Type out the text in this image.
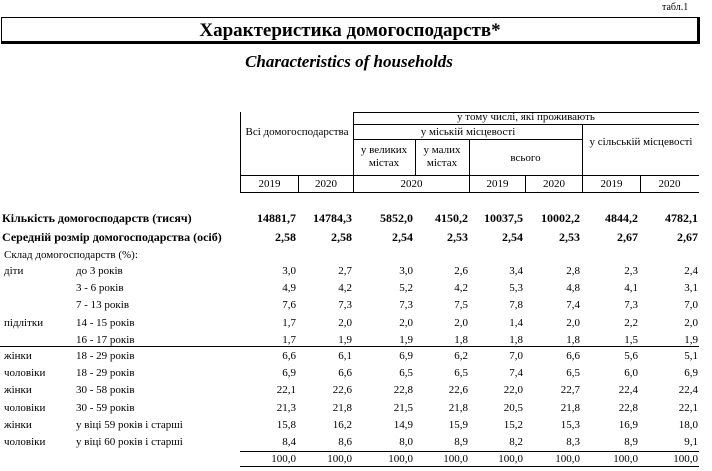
табл.1
Характеристика домогосподарств*
Characteristics of households
Всі домогосподарства
у тому числі, які проживають
у міській місцевості
у великих містах
у малих містах	всього
у сільській місцевості
2019	2020	2020	2019	2020	2019	2020
Кількість домогосподарств (тисяч)	14881,7	14784,3	5852,0	4150,2	10037,5	10002,2	4844,2	4782,1
Середній розмір домогосподарства (осіб)	2,58	2,58	2,54	2,53	2,54	2,53	2,67	2,67
Склад домогосподарств (%):
діти	до 3 років	3,0	2,7	3,0	2,6	3,4	2,8	2,3	2,4
3 - 6 років	4,9	4,2	5,2	4,2	5,3	4,8	4,1	3,1
7 - 13 років	7,6	7,3	7,3	7,5	7,8	7,4	7,3	7,0
підлітки	14 - 15 років	1,7	2,0	2,0	2,0	1,4	2,0	2,2	2,0
16 - 17 років	1,7	1,9	1,9	1,8	1,8	1,8	1,5	1,9
жінки	18 - 29 років	6,6	6,1	6,9	6,2	7,0	6,6	5,6	5,1
чоловіки	18 - 29 років	6,9	6,6	6,5	6,5	7,4	6,5	6,0	6,9
жінки	30 - 58 років	22,1	22,6	22,8	22,6	22,0	22,7	22,4	22,4
чоловіки	30 - 59 років	21,3	21,8	21,5	21,8	20,5	21,8	22,8	22,1
жінки	у віці 59 років і старші	15,8	16,2	14,9	15,9	15,2	15,3	16,9	18,0
чоловіки	у віці 60 років і старші	8,4	8,6	8,0	8,9	8,2	8,3	8,9	9,1
100,0	100,0	100,0	100,0	100,0	100,0	100,0	100,0
